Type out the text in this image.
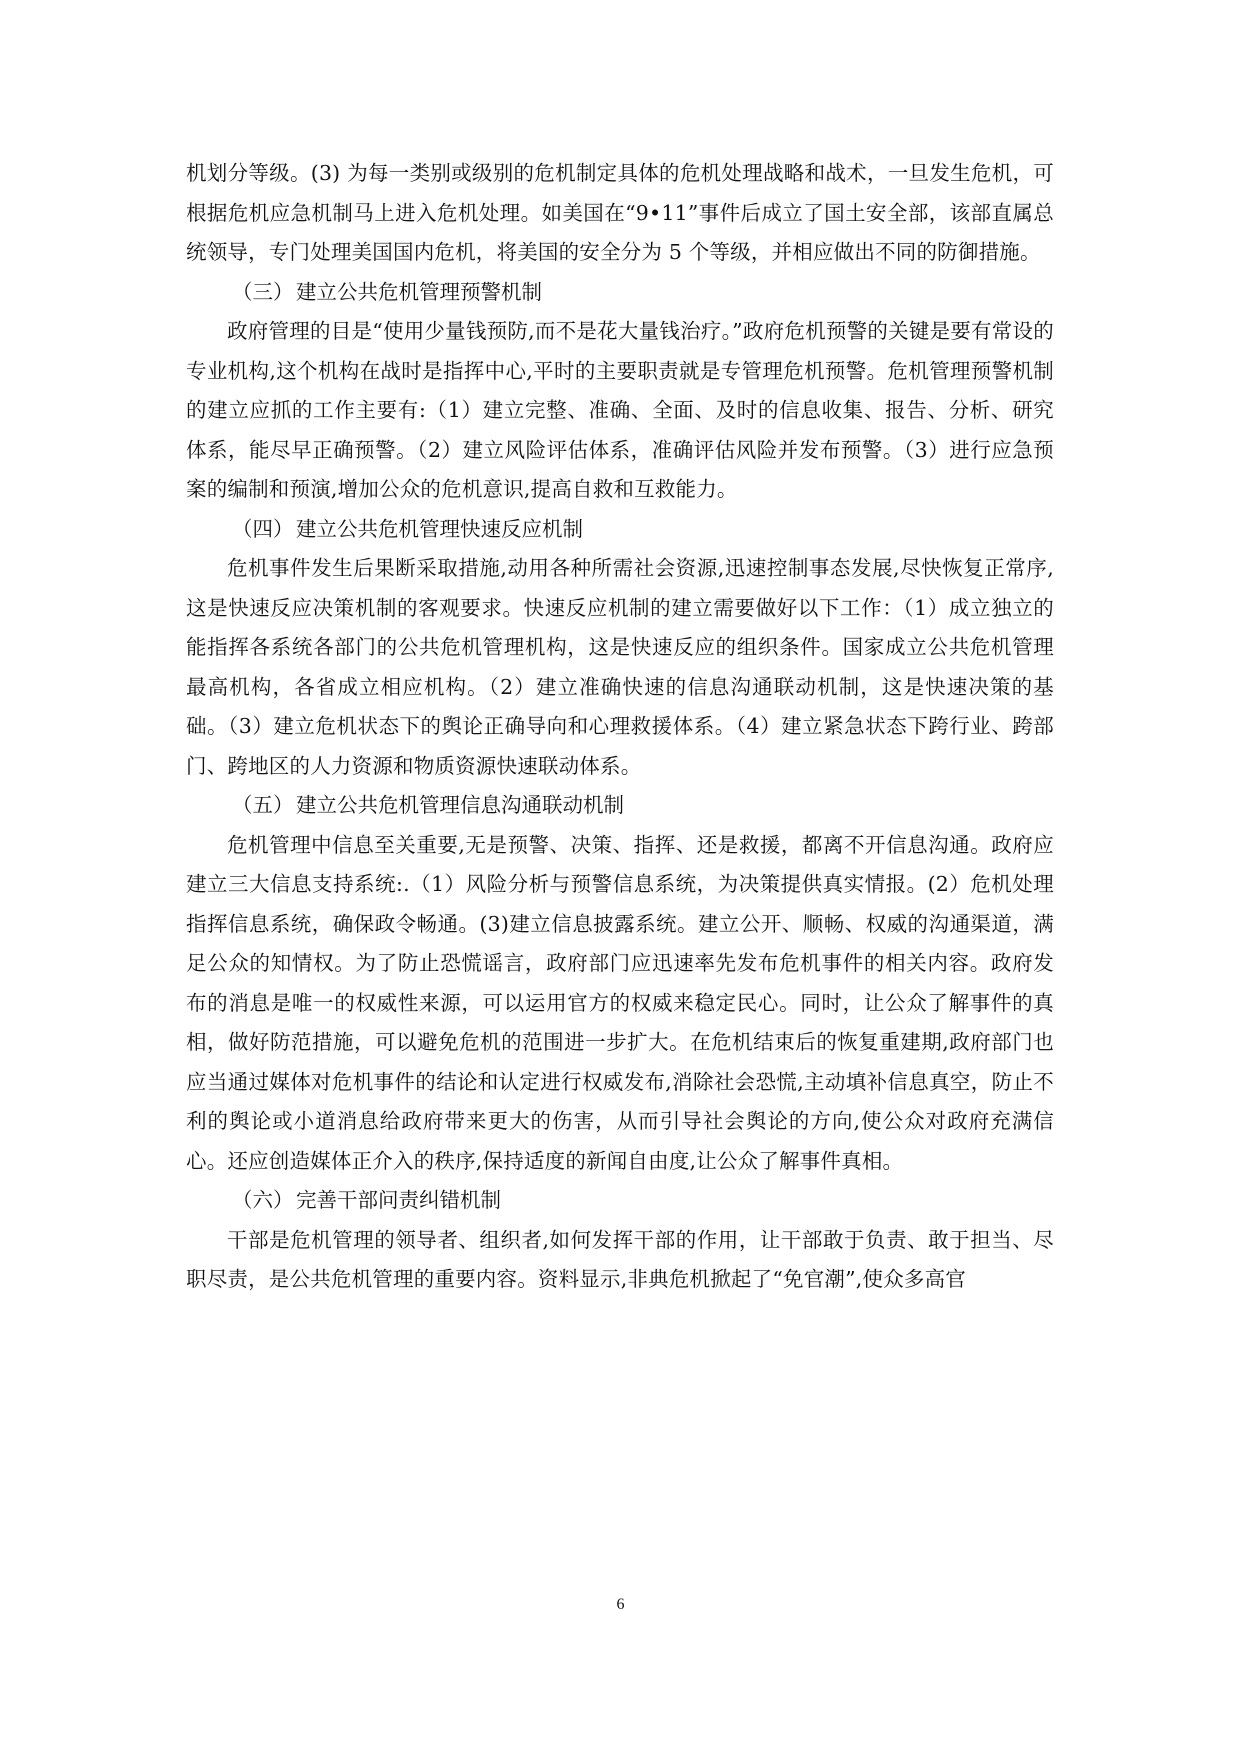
机划分等级。(3) 为每一类别或级别的危机制定具体的危机处理战略和战术，一旦发生危机，可根据危机应急机制马上进入危机处理。如美国在“9•11”事件后成立了国土安全部，该部直属总统领导，专门处理美国国内危机，将美国的安全分为 5 个等级，并相应做出不同的防御措施。

（三） 建立公共危机管理预警机制

政府管理的目是“使用少量钱预防,而不是花大量钱治疗。”政府危机预警的关键是要有常设的专业机构,这个机构在战时是指挥中心,平时的主要职责就是专管理危机预警。危机管理预警机制的建立应抓的工作主要有:（1）建立完整、准确、全面、及时的信息收集、报告、分析、研究体系，能尽早正确预警。（2）建立风险评估体系，准确评估风险并发布预警。（3）进行应急预案的编制和预演,增加公众的危机意识,提高自救和互救能力。

（四） 建立公共危机管理快速反应机制

危机事件发生后果断采取措施,动用各种所需社会资源,迅速控制事态发展,尽快恢复正常序,这是快速反应决策机制的客观要求。快速反应机制的建立需要做好以下工作：（1）成立独立的能指挥各系统各部门的公共危机管理机构，这是快速反应的组织条件。国家成立公共危机管理最高机构，各省成立相应机构。（2）建立准确快速的信息沟通联动机制，这是快速决策的基础。（3）建立危机状态下的舆论正确导向和心理救援体系。（4）建立紧急状态下跨行业、跨部门、跨地区的人力资源和物质资源快速联动体系。

（五） 建立公共危机管理信息沟通联动机制

危机管理中信息至关重要,无是预警、决策、指挥、还是救援，都离不开信息沟通。政府应建立三大信息支持系统:.（1）风险分析与预警信息系统，为决策提供真实情报。(2）危机处理指挥信息系统，确保政令畅通。(3)建立信息披露系统。建立公开、顺畅、权威的沟通渠道，满足公众的知情权。为了防止恐慌谣言，政府部门应迅速率先发布危机事件的相关内容。政府发布的消息是唯一的权威性来源，可以运用官方的权威来稳定民心。同时，让公众了解事件的真相，做好防范措施，可以避免危机的范围进一步扩大。在危机结束后的恢复重建期,政府部门也应当通过媒体对危机事件的结论和认定进行权威发布,消除社会恐慌,主动填补信息真空，防止不利的舆论或小道消息给政府带来更大的伤害，从而引导社会舆论的方向,使公众对政府充满信心。还应创造媒体正介入的秩序,保持适度的新闻自由度,让公众了解事件真相。

（六） 完善干部问责纠错机制

干部是危机管理的领导者、组织者,如何发挥干部的作用，让干部敢于负责、敢于担当、尽职尽责，是公共危机管理的重要内容。资料显示,非典危机掀起了“免官潮”,使众多高官

6
